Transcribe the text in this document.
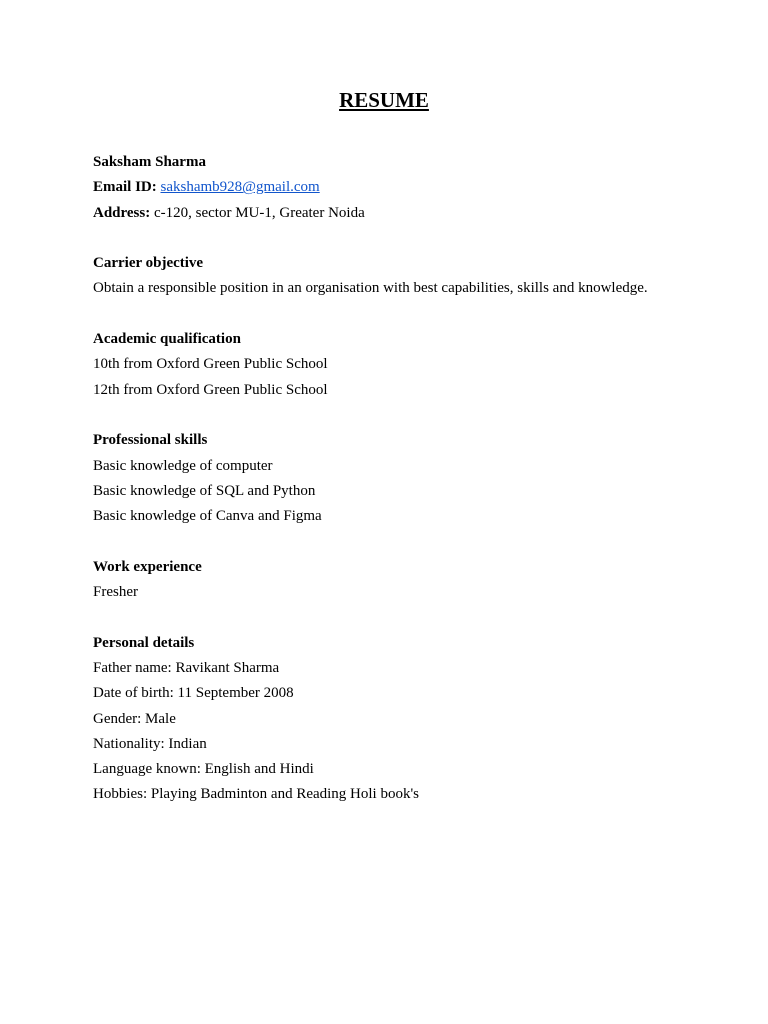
RESUME
Saksham Sharma
Email ID: sakshamb928@gmail.com
Address: c-120, sector MU-1, Greater Noida
Carrier objective
Obtain a responsible position in an organisation with best capabilities, skills and knowledge.
Academic qualification
10th from Oxford Green Public School
12th from Oxford Green Public School
Professional skills
Basic knowledge of computer
Basic knowledge of SQL and Python
Basic knowledge of Canva and Figma
Work experience
Fresher
Personal details
Father name: Ravikant Sharma
Date of birth: 11 September 2008
Gender: Male
Nationality: Indian
Language known: English and Hindi
Hobbies: Playing Badminton and Reading Holi book's
